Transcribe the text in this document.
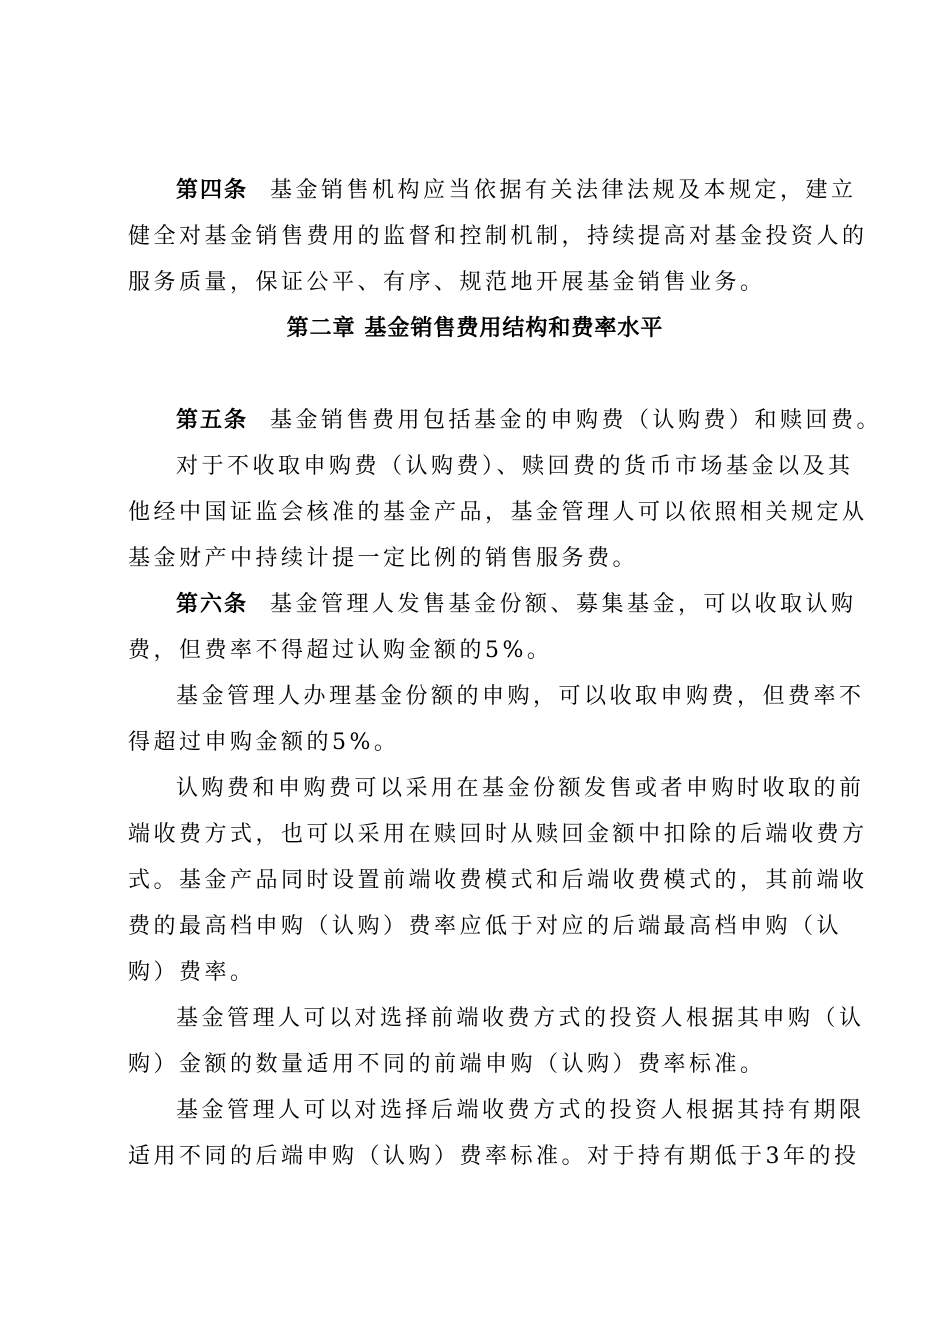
第四条 基金销售机构应当依据有关法律法规及本规定，建立
健全对基金销售费用的监督和控制机制，持续提高对基金投资人的
服务质量，保证公平、有序、规范地开展基金销售业务。
第二章 基金销售费用结构和费率水平
第五条 基金销售费用包括基金的申购费（认购费）和赎回费。
对于不收取申购费（认购费）、赎回费的货币市场基金以及其
他经中国证监会核准的基金产品，基金管理人可以依照相关规定从
基金财产中持续计提一定比例的销售服务费。
第六条 基金管理人发售基金份额、募集基金，可以收取认购
费，但费率不得超过认购金额的5%。
基金管理人办理基金份额的申购，可以收取申购费，但费率不
得超过申购金额的5%。
认购费和申购费可以采用在基金份额发售或者申购时收取的前
端收费方式，也可以采用在赎回时从赎回金额中扣除的后端收费方
式。基金产品同时设置前端收费模式和后端收费模式的，其前端收
费的最高档申购（认购）费率应低于对应的后端最高档申购（认
购）费率。
基金管理人可以对选择前端收费方式的投资人根据其申购（认
购）金额的数量适用不同的前端申购（认购）费率标准。
基金管理人可以对选择后端收费方式的投资人根据其持有期限
适用不同的后端申购（认购）费率标准。对于持有期低于3年的投
